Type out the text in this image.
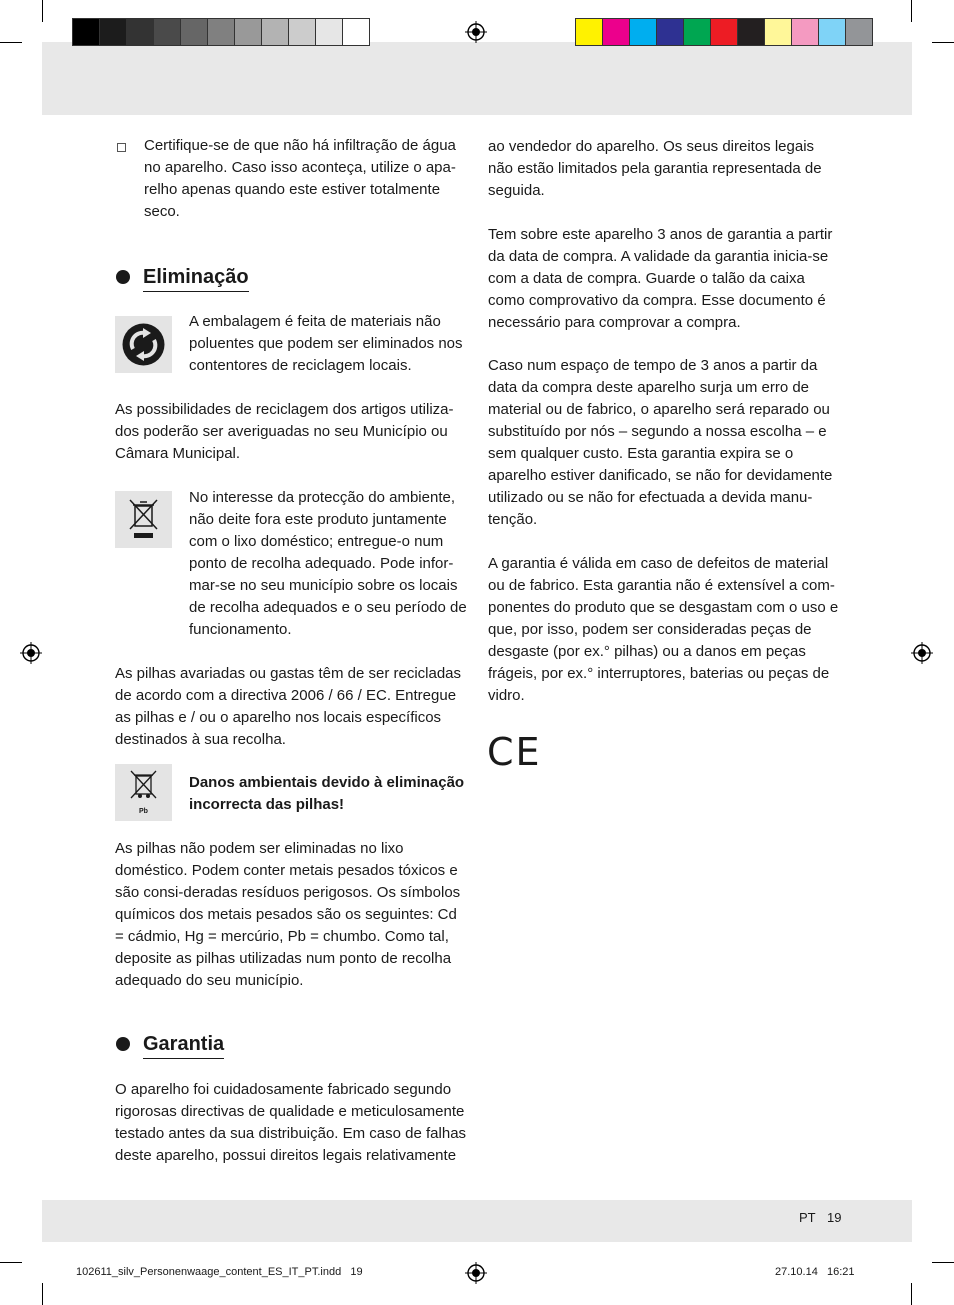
Certifique-se de que não há infiltração de água no aparelho. Caso isso aconteça, utilize o apa-relho apenas quando este estiver totalmente seco.

Eliminação

A embalagem é feita de materiais não poluentes que podem ser eliminados nos contentores de reciclagem locais.

As possibilidades de reciclagem dos artigos utiliza-dos poderão ser averiguadas no seu Município ou Câmara Municipal.

No interesse da protecção do ambiente, não deite fora este produto juntamente com o lixo doméstico; entregue-o num ponto de recolha adequado. Pode infor-mar-se no seu município sobre os locais de recolha adequados e o seu período de funcionamento.

As pilhas avariadas ou gastas têm de ser recicladas de acordo com a directiva 2006 / 66 / EC. Entregue as pilhas e / ou o aparelho nos locais específicos destinados à sua recolha.

Pb

Danos ambientais devido à eliminação incorrecta das pilhas!

As pilhas não podem ser eliminadas no lixo doméstico. Podem conter metais pesados tóxicos e são consi-deradas resíduos perigosos. Os símbolos químicos dos metais pesados são os seguintes: Cd = cádmio, Hg = mercúrio, Pb = chumbo. Como tal, deposite as pilhas utilizadas num ponto de recolha adequado do seu município.

Garantia

O aparelho foi cuidadosamente fabricado segundo rigorosas directivas de qualidade e meticulosamente testado antes da sua distribuição. Em caso de falhas deste aparelho, possui direitos legais relativamente

ao vendedor do aparelho. Os seus direitos legais não estão limitados pela garantia representada de seguida.

Tem sobre este aparelho 3 anos de garantia a partir da data de compra. A validade da garantia inicia-se com a data de compra. Guarde o talão da caixa como comprovativo da compra. Esse documento é necessário para comprovar a compra.

Caso num espaço de tempo de 3 anos a partir da data da compra deste aparelho surja um erro de material ou de fabrico, o aparelho será reparado ou substituído por nós – segundo a nossa escolha – e sem qualquer custo. Esta garantia expira se o aparelho estiver danificado, se não for devidamente utilizado ou se não for efectuada a devida manu-tenção.

A garantia é válida em caso de defeitos de material ou de fabrico. Esta garantia não é extensível a com-ponentes do produto que se desgastam com o uso e que, por isso, podem ser consideradas peças de desgaste (por ex.° pilhas) ou a danos em peças frágeis, por ex.° interruptores, baterias ou peças de vidro.

CE
PT 19
102611_silv_Personenwaage_content_ES_IT_PT.indd   19	27.10.14   16:21
